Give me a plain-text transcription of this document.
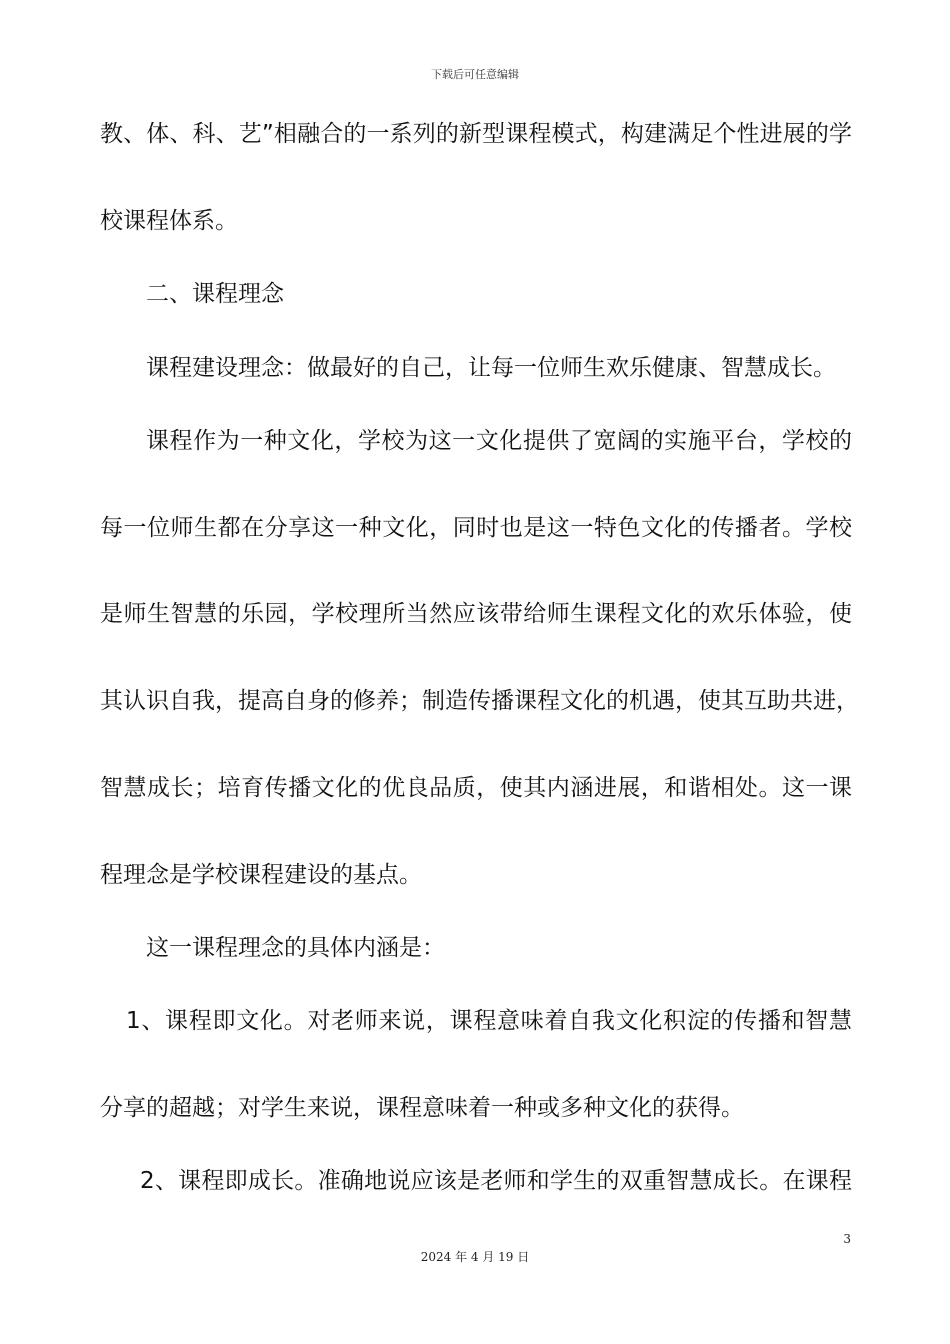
下载后可任意编辑
教、体、科、艺”相融合的一系列的新型课程模式，构建满足个性进展的学
校课程体系。
二、课程理念
课程建设理念：做最好的自己，让每一位师生欢乐健康、智慧成长。
课程作为一种文化，学校为这一文化提供了宽阔的实施平台，学校的
每一位师生都在分享这一种文化，同时也是这一特色文化的传播者。学校
是师生智慧的乐园，学校理所当然应该带给师生课程文化的欢乐体验，使
其认识自我，提高自身的修养；制造传播课程文化的机遇，使其互助共进，
智慧成长；培育传播文化的优良品质，使其内涵进展，和谐相处。这一课
程理念是学校课程建设的基点。
这一课程理念的具体内涵是：
1、课程即文化。对老师来说，课程意味着自我文化积淀的传播和智慧
分享的超越；对学生来说，课程意味着一种或多种文化的获得。
2、课程即成长。准确地说应该是老师和学生的双重智慧成长。在课程
3
2024 年 4 月 19 日
